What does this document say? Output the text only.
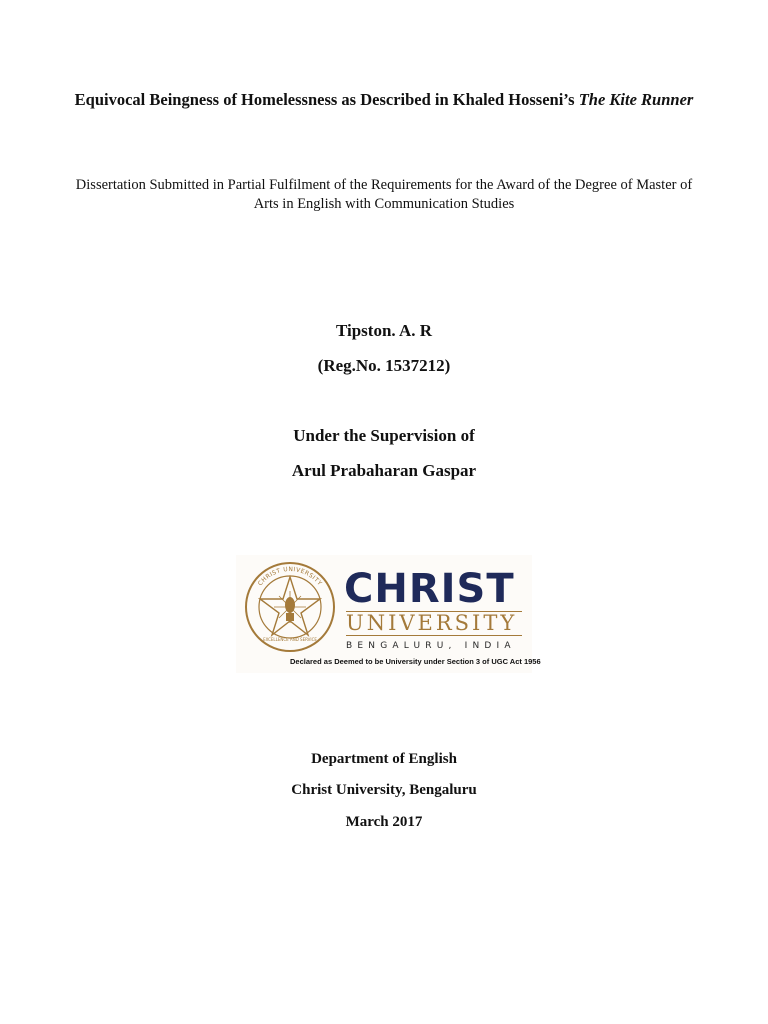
Equivocal Beingness of Homelessness as Described in Khaled Hosseni’s The Kite Runner
Dissertation Submitted in Partial Fulfilment of the Requirements for the Award of the Degree of Master of Arts in English with Communication Studies
Tipston. A. R
(Reg.No. 1537212)
Under the Supervision of
Arul Prabaharan Gaspar
CHRIST UNIVERSITY
EXCELLENCE AND SERVICE
CHRIST
UNIVERSITY
BENGALURU, INDIA
Declared as Deemed to be University under Section 3 of UGC Act 1956
Department of English
Christ University, Bengaluru
March 2017
